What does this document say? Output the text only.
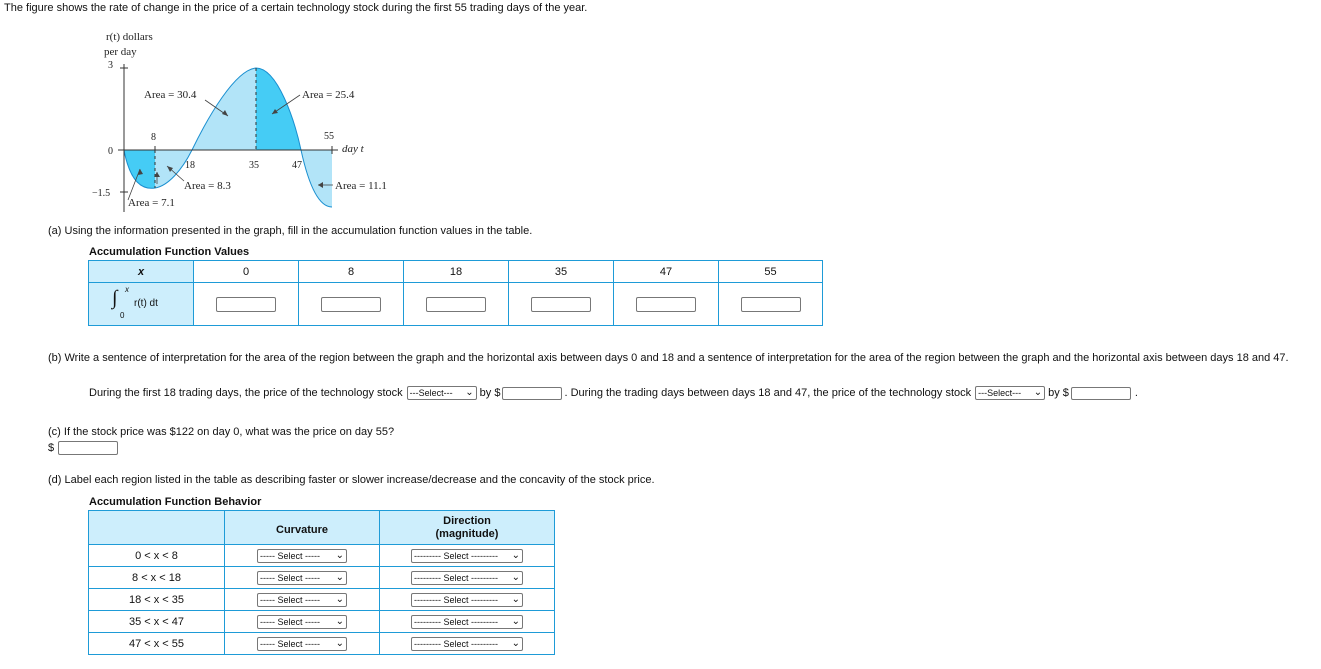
The figure shows the rate of change in the price of a certain technology stock during the first 55 trading days of the year.
r(t) dollars
per day
3
0
−1.5
day t
8
18	35	47
55
Area = 30.4	Area = 25.4
Area = 8.3	Area = 11.1
Area = 7.1
(a) Using the information presented in the graph, fill in the accumulation function values in the table.
Accumulation Function Values
x	0	8	18	35	47	55

∫ x
0
r(t) dt						

(b) Write a sentence of interpretation for the area of the region between the graph and the horizontal axis between days 0 and 18 and a sentence of interpretation for the area of the region between the graph and the horizontal axis between days 18 and 47.
During the first 18 trading days, the price of the technology stock ---Select--- ⌄ by $	. During the trading days between days 18 and 47, the price of the technology stock ---Select--- ⌄ by $	.
(c) If the stock price was $122 on day 0, what was the price on day 55?
$
(d) Label each region listed in the table as describing faster or slower increase/decrease and the concavity of the stock price.
Accumulation Function Behavior
	Curvature	Direction
(magnitude)

0 < x < 8	----- Select ----- ⌄	--------- Select --------- ⌄

8 < x < 18	----- Select ----- ⌄	--------- Select --------- ⌄

18 < x < 35	----- Select ----- ⌄	--------- Select --------- ⌄

35 < x < 47	----- Select ----- ⌄	--------- Select --------- ⌄

47 < x < 55	----- Select ----- ⌄	--------- Select --------- ⌄
